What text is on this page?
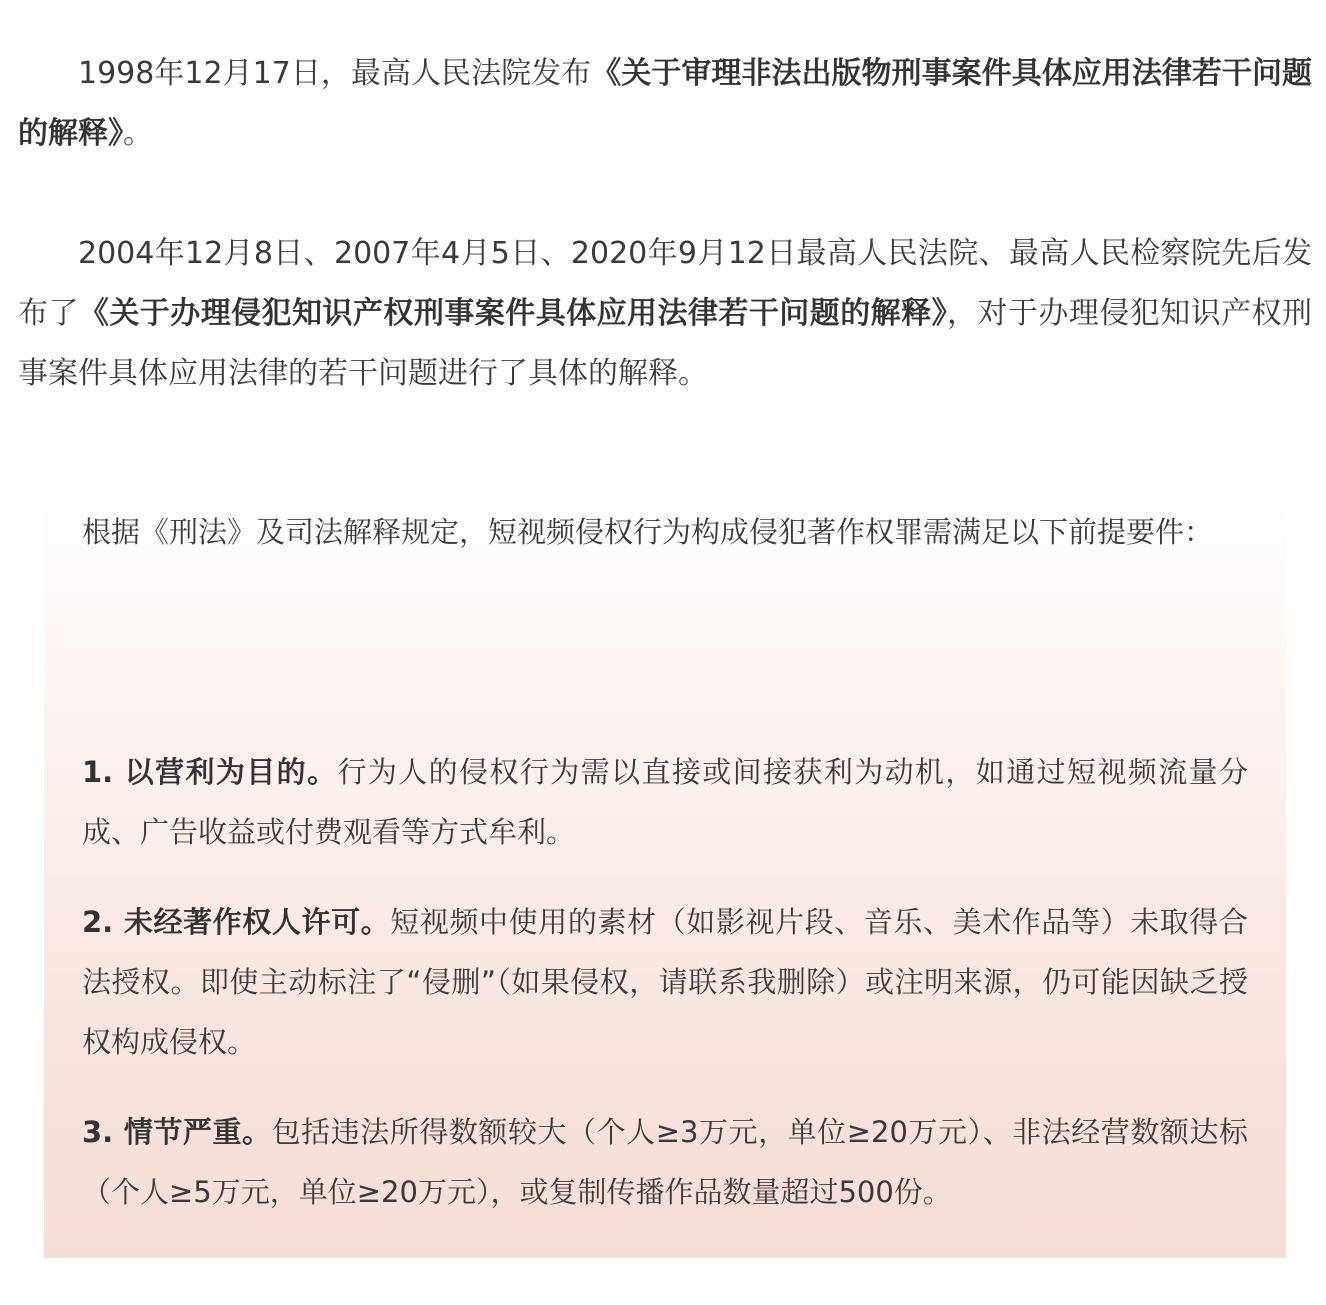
1998年12月17日，最高人民法院发布《关于审理非法出版物刑事案件具体应用法律若干问题的解释》。

2004年12月8日、2007年4月5日、2020年9月12日最高人民法院、最高人民检察院先后发布了《关于办理侵犯知识产权刑事案件具体应用法律若干问题的解释》，对于办理侵犯知识产权刑事案件具体应用法律的若干问题进行了具体的解释。

根据《刑法》及司法解释规定，短视频侵权行为构成侵犯著作权罪需满足以下前提要件：

1. 以营利为目的。行为人的侵权行为需以直接或间接获利为动机，如通过短视频流量分成、广告收益或付费观看等方式牟利。

2. 未经著作权人许可。短视频中使用的素材（如影视片段、音乐、美术作品等）未取得合法授权。即使主动标注了“侵删”（如果侵权，请联系我删除）或注明来源，仍可能因缺乏授权构成侵权。

3. 情节严重。包括违法所得数额较大（个人≥3万元，单位≥20万元）、非法经营数额达标（个人≥5万元，单位≥20万元），或复制传播作品数量超过500份。
